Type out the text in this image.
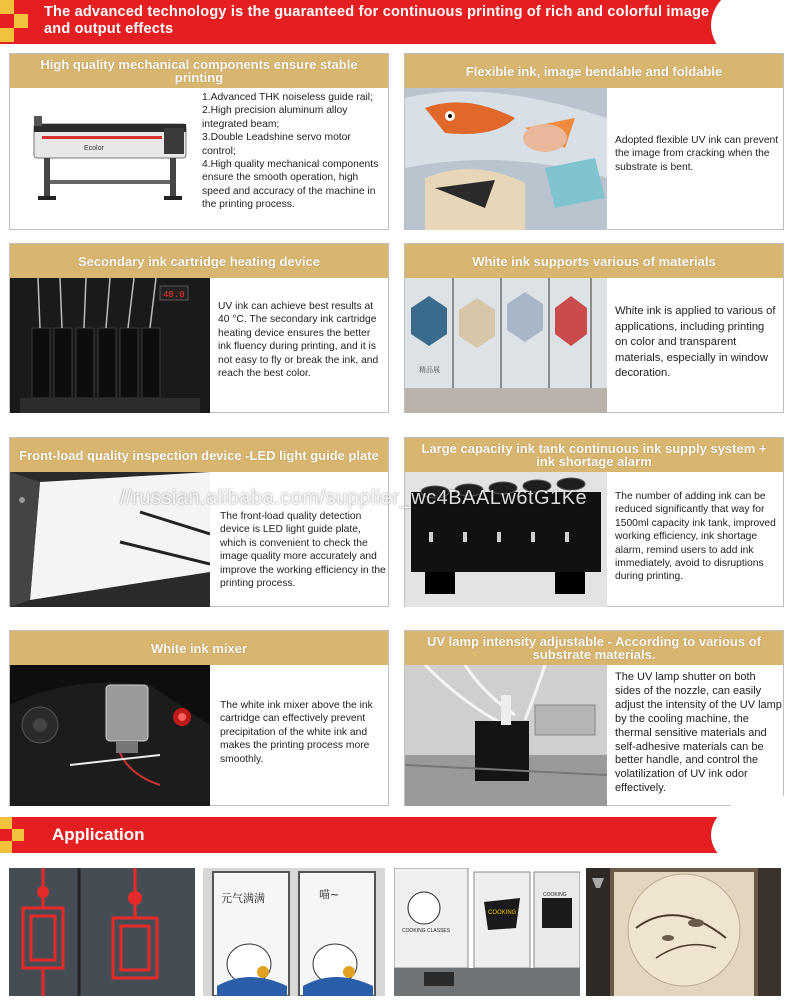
The advanced technology is the guaranteed for continuous printing of rich and colorful image and output effects
High quality mechanical components ensure stable printing
Ecolor
1.Advanced THK noiseless guide rail;
2.High precision aluminum alloy integrated beam;
3.Double Leadshine servo motor control;
4.High quality mechanical components ensure the smooth operation, high speed and accuracy of the machine in the printing process.
Flexible ink, image bendable and foldable
Adopted flexible UV ink can prevent the image from cracking when the substrate is bent.
Secondary ink cartridge heating device
40.0
UV ink can achieve best results at 40 °C. The secondary ink cartridge heating device ensures the better ink fluency during printing, and it is not easy to fly or break the ink, and reach the best color.
White ink supports various of materials
精品展
White ink is applied to various of applications, including printing on color and transparent materials, especially in window decoration.
Front-load quality inspection device -LED light guide plate
The front-load quality detection device is LED light guide plate, which is convenient to check the image quality more accurately and improve the working efficiency in the printing process.
Large capacity ink tank continuous ink supply system + ink shortage alarm
The number of adding ink can be reduced significantly that way for 1500ml capacity ink tank, improved working efficiency, ink shortage alarm, remind users to add ink immediately, avoid to disruptions during printing.
White ink mixer
The white ink mixer above the ink cartridge can effectively prevent precipitation of the white ink and makes the printing process more smoothly.
UV lamp intensity adjustable - According to various of substrate materials.
The UV lamp shutter on both sides of the nozzle, can easily adjust the intensity of the UV lamp by the cooling machine, the thermal sensitive materials and self-adhesive materials can be better handle, and control the volatilization of UV ink odor effectively.
//russian.alibaba.com/supplier_wc4BAALw6tG1Ke
Application
元气满满	喵~
COOKING CLASSES
COOKING
COOKING
